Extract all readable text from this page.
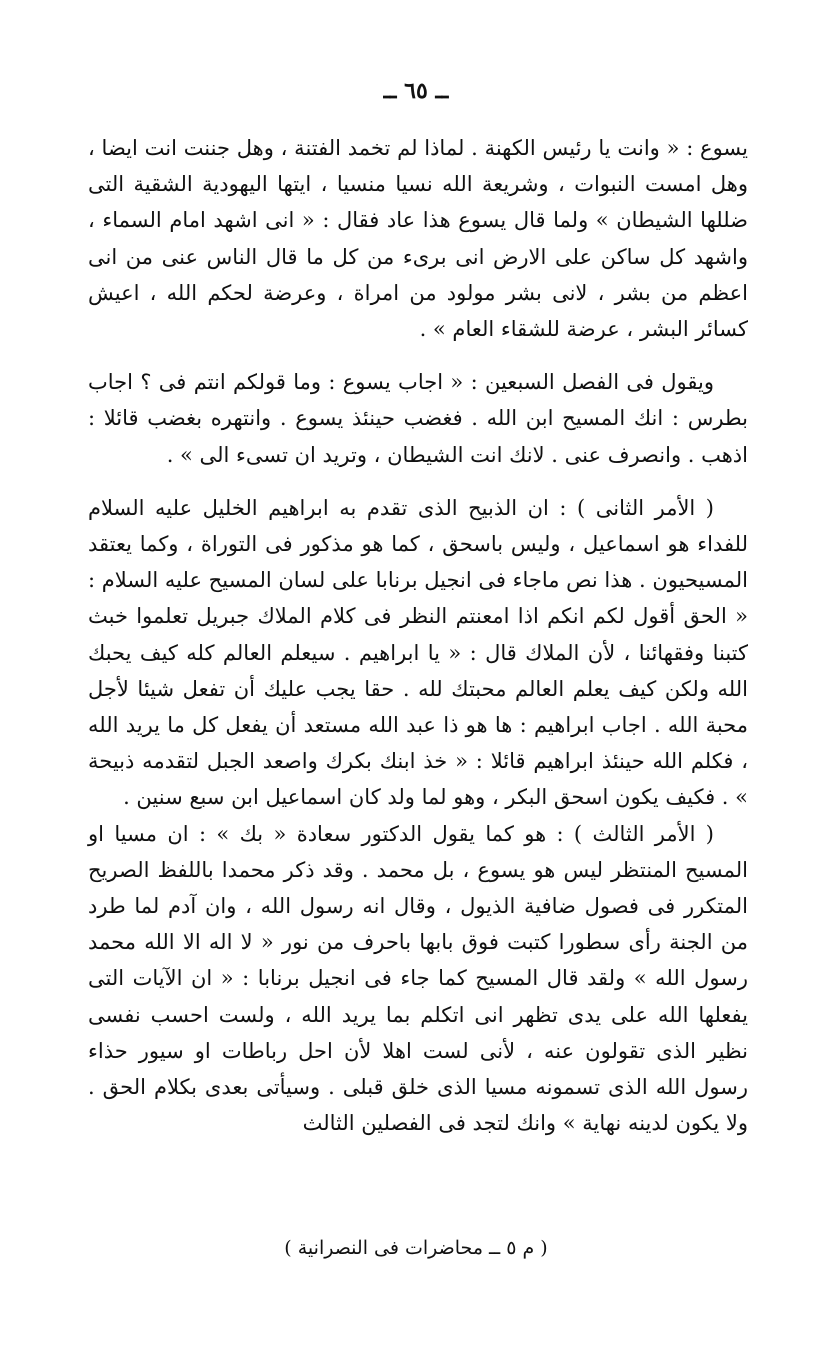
ــ ٦٥ ــ

يسوع : « وانت يا رئيس الكهنة . لماذا لم تخمد الفتنة ، وهل جننت انت ايضا ، وهل امست النبوات ، وشريعة الله نسيا منسيا ، ايتها اليهودية الشقية التى ضللها الشيطان » ولما قال يسوع هذا عاد فقال : « انى اشهد امام السماء ، واشهد كل ساكن على الارض انى برىء من كل ما قال الناس عنى من انى اعظم من بشر ، لانى بشر مولود من امراة ، وعرضة لحكم الله ، اعيش كسائر البشر ، عرضة للشقاء العام » .

ويقول فى الفصل السبعين : « اجاب يسوع : وما قولكم انتم فى ؟ اجاب بطرس : انك المسيح ابن الله . فغضب حينئذ يسوع . وانتهره بغضب قائلا : اذهب . وانصرف عنى . لانك انت الشيطان ، وتريد ان تسىء الى » .

( الأمر الثانى ) : ان الذبيح الذى تقدم به ابراهيم الخليل عليه السلام للفداء هو اسماعيل ، وليس باسحق ، كما هو مذكور فى التوراة ، وكما يعتقد المسيحيون . هذا نص ماجاء فى انجيل برنابا على لسان المسيح عليه السلام : « الحق أقول لكم انكم اذا امعنتم النظر فى كلام الملاك جبريل تعلموا خبث كتبنا وفقهائنا ، لأن الملاك قال : « يا ابراهيم . سيعلم العالم كله كيف يحبك الله ولكن كيف يعلم العالم محبتك لله . حقا يجب عليك أن تفعل شيئا لأجل محبة الله . اجاب ابراهيم : ها هو ذا عبد الله مستعد أن يفعل كل ما يريد الله ، فكلم الله حينئذ ابراهيم قائلا : « خذ ابنك بكرك واصعد الجبل لتقدمه ذبيحة » . فكيف يكون اسحق البكر ، وهو لما ولد كان اسماعيل ابن سبع سنين .

( الأمر الثالث ) : هو كما يقول الدكتور سعادة « بك » : ان مسيا او المسيح المنتظر ليس هو يسوع ، بل محمد . وقد ذكر محمدا باللفظ الصريح المتكرر فى فصول ضافية الذيول ، وقال انه رسول الله ، وان آدم لما طرد من الجنة رأى سطورا كتبت فوق بابها باحرف من نور « لا اله الا الله محمد رسول الله » ولقد قال المسيح كما جاء فى انجيل برنابا : « ان الآيات التى يفعلها الله على يدى تظهر انى اتكلم بما يريد الله ، ولست احسب نفسى نظير الذى تقولون عنه ، لأنى لست اهلا لأن احل رباطات او سيور حذاء رسول الله الذى تسمونه مسيا الذى خلق قبلى . وسيأتى بعدى بكلام الحق . ولا يكون لدينه نهاية » وانك لتجد فى الفصلين الثالث

( م ٥ ــ محاضرات فى النصرانية )
